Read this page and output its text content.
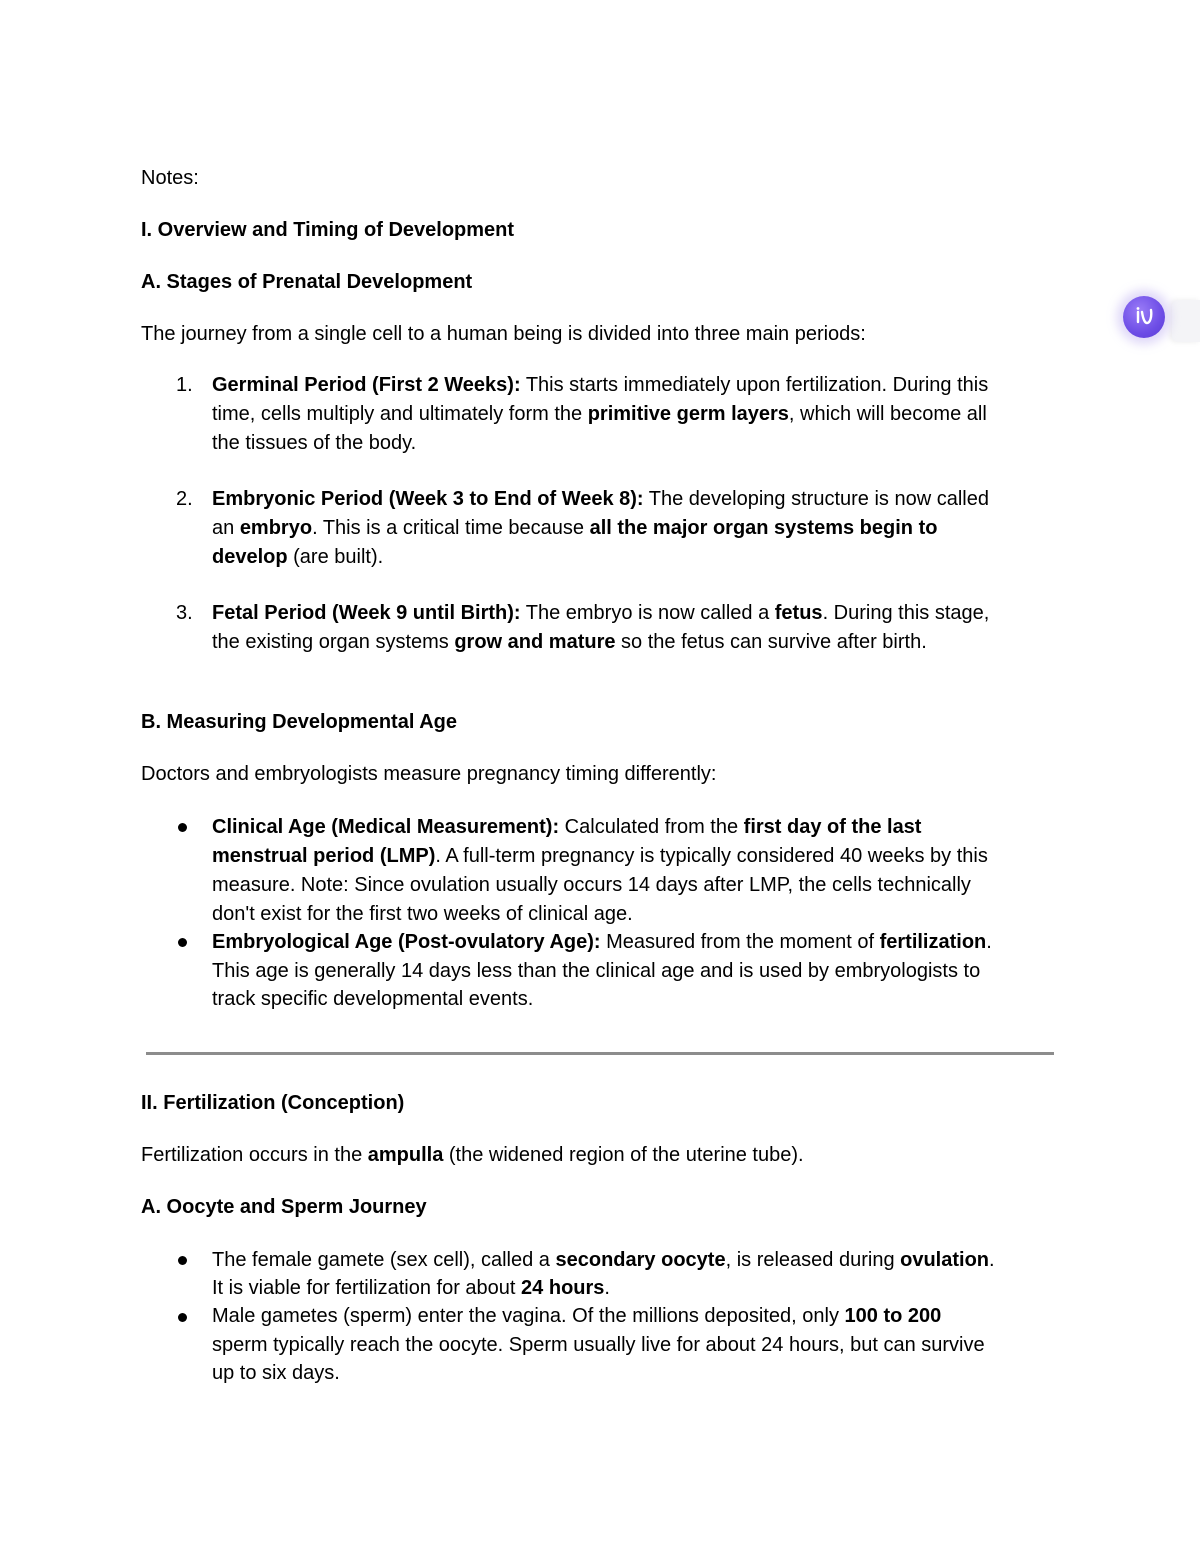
Notes:
I. Overview and Timing of Development
A. Stages of Prenatal Development
The journey from a single cell to a human being is divided into three main periods:
1. Germinal Period (First 2 Weeks): This starts immediately upon fertilization. During this
time, cells multiply and ultimately form the primitive germ layers, which will become all
the tissues of the body.
2. Embryonic Period (Week 3 to End of Week 8): The developing structure is now called
an embryo. This is a critical time because all the major organ systems begin to
develop (are built).
3. Fetal Period (Week 9 until Birth): The embryo is now called a fetus. During this stage,
the existing organ systems grow and mature so the fetus can survive after birth.
B. Measuring Developmental Age
Doctors and embryologists measure pregnancy timing differently:
Clinical Age (Medical Measurement): Calculated from the first day of the last
menstrual period (LMP). A full-term pregnancy is typically considered 40 weeks by this
measure. Note: Since ovulation usually occurs 14 days after LMP, the cells technically
don't exist for the first two weeks of clinical age.
Embryological Age (Post-ovulatory Age): Measured from the moment of fertilization.
This age is generally 14 days less than the clinical age and is used by embryologists to
track specific developmental events.
II. Fertilization (Conception)
Fertilization occurs in the ampulla (the widened region of the uterine tube).
A. Oocyte and Sperm Journey
The female gamete (sex cell), called a secondary oocyte, is released during ovulation.
It is viable for fertilization for about 24 hours.
Male gametes (sperm) enter the vagina. Of the millions deposited, only 100 to 200
sperm typically reach the oocyte. Sperm usually live for about 24 hours, but can survive
up to six days.
